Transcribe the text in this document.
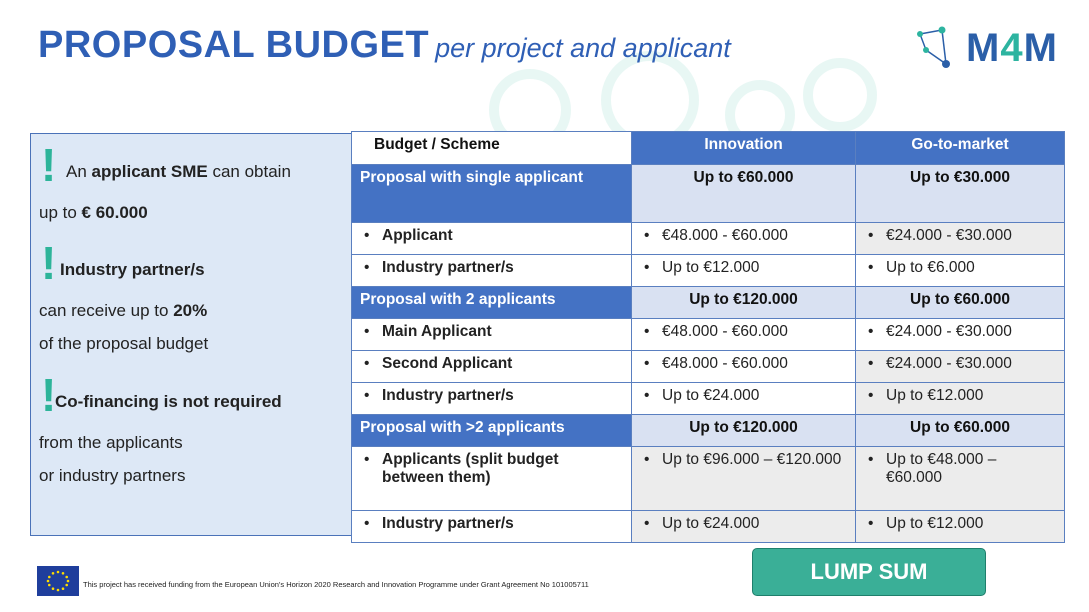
PROPOSAL BUDGET per project and applicant	M4M
! An applicant SME can obtain
up to € 60.000
! Industry partner/s
can receive up to 20%
of the proposal budget
!
Co-financing is not required
from the applicants
or industry partners
Budget / Scheme	Innovation	Go-to-market
Proposal with single applicant	Up to €60.000	Up to €30.000

• Applicant	• €48.000 - €60.000	• €24.000 - €30.000

• Industry partner/s	• Up to €12.000	• Up to €6.000

Proposal with 2 applicants	Up to €120.000	Up to €60.000

• Main Applicant	• €48.000 - €60.000	• €24.000 - €30.000

• Second Applicant	• €48.000 - €60.000	• €24.000 - €30.000

• Industry partner/s	• Up to €24.000	• Up to €12.000

Proposal with >2 applicants	Up to €120.000	Up to €60.000

• Applicants (split budget between them)	• Up to €96.000 – €120.000	• Up to €48.000 – €60.000

• Industry partner/s	• Up to €24.000	• Up to €12.000
LUMP SUM
This project has received funding from the European Union's Horizon 2020 Research and Innovation Programme under Grant Agreement No 101005711
